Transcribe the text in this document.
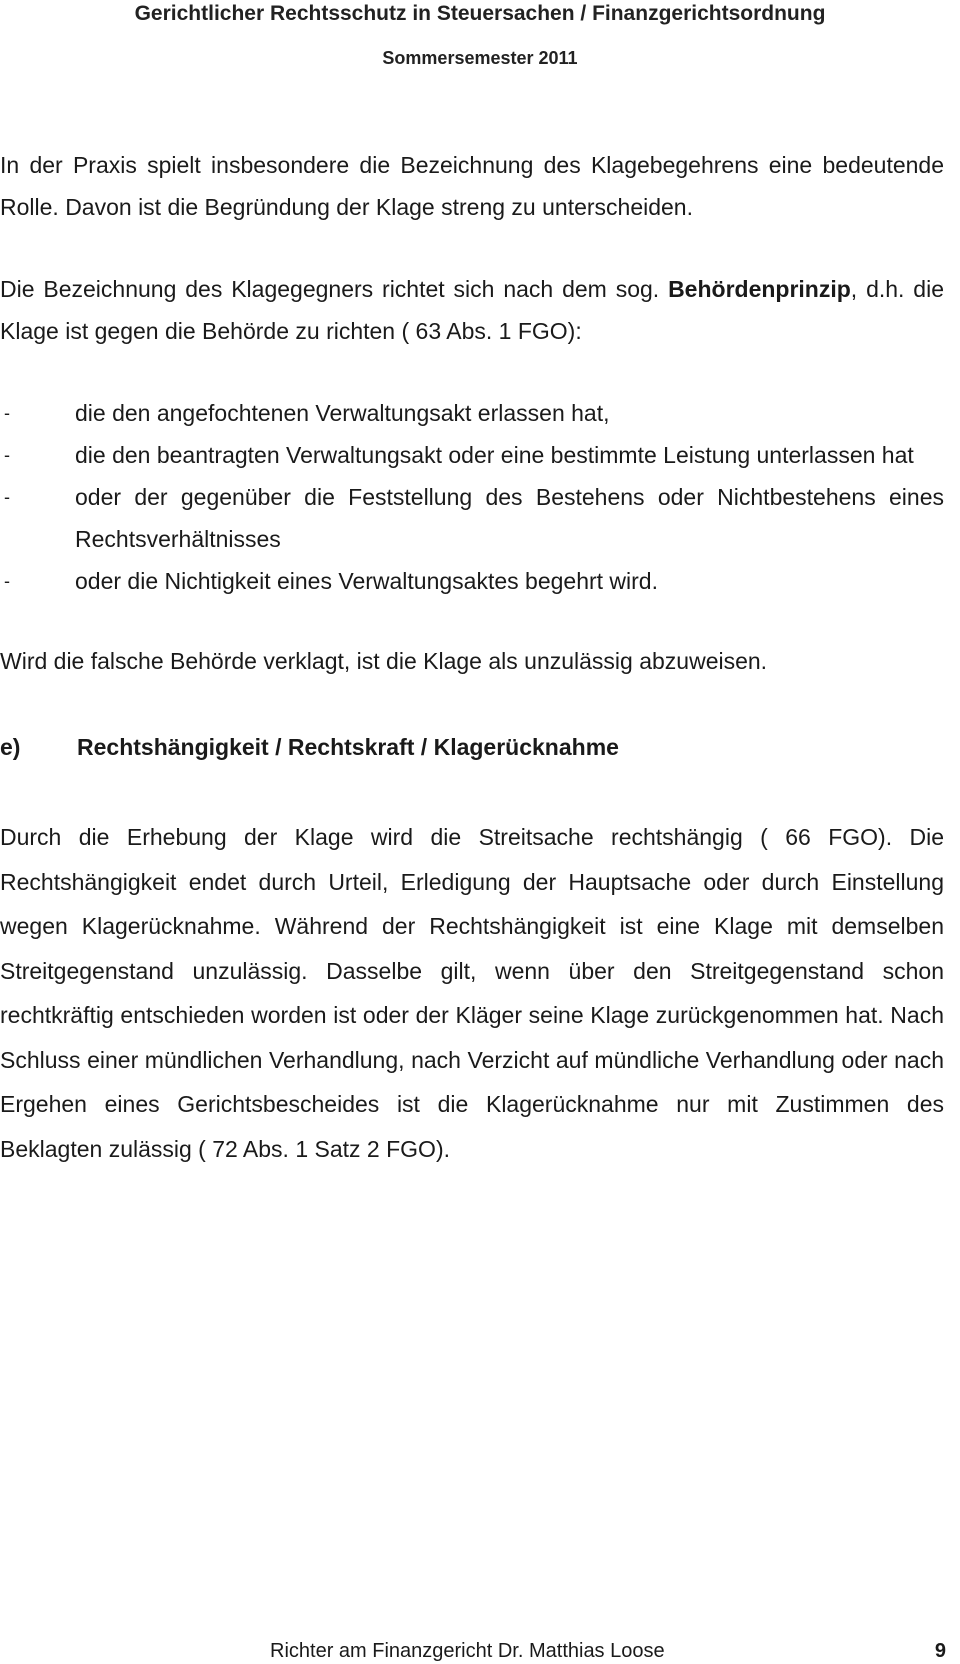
Gerichtlicher Rechtsschutz in Steuersachen / Finanzgerichtsordnung
Sommersemester 2011

In der Praxis spielt insbesondere die Bezeichnung des Klagebegehrens eine bedeutende Rolle. Davon ist die Begründung der Klage streng zu unterscheiden.

Die Bezeichnung des Klagegegners richtet sich nach dem sog. Behördenprinzip, d.h. die Klage ist gegen die Behörde zu richten ( 63 Abs. 1 FGO):

-	die den angefochtenen Verwaltungsakt erlassen hat,
-	die den beantragten Verwaltungsakt oder eine bestimmte Leistung unterlassen hat
-	oder der gegenüber die Feststellung des Bestehens oder Nichtbestehens eines Rechtsverhältnisses
-	oder die Nichtigkeit eines Verwaltungsaktes begehrt wird.

Wird die falsche Behörde verklagt, ist die Klage als unzulässig abzuweisen.

e) Rechtshängigkeit / Rechtskraft / Klagerücknahme

Durch die Erhebung der Klage wird die Streitsache rechtshängig ( 66 FGO). Die Rechtshängigkeit endet durch Urteil, Erledigung der Hauptsache oder durch Einstellung wegen Klagerücknahme. Während der Rechtshängigkeit ist eine Klage mit demselben Streitgegenstand unzulässig. Dasselbe gilt, wenn über den Streitgegenstand schon rechtkräftig entschieden worden ist oder der Kläger seine Klage zurückgenommen hat. Nach Schluss einer mündlichen Verhandlung, nach Verzicht auf mündliche Verhandlung oder nach Ergehen eines Gerichtsbescheides ist die Klagerücknahme nur mit Zustimmen des Beklagten zulässig ( 72 Abs. 1 Satz 2 FGO).

Richter am Finanzgericht Dr. Matthias Loose	9
